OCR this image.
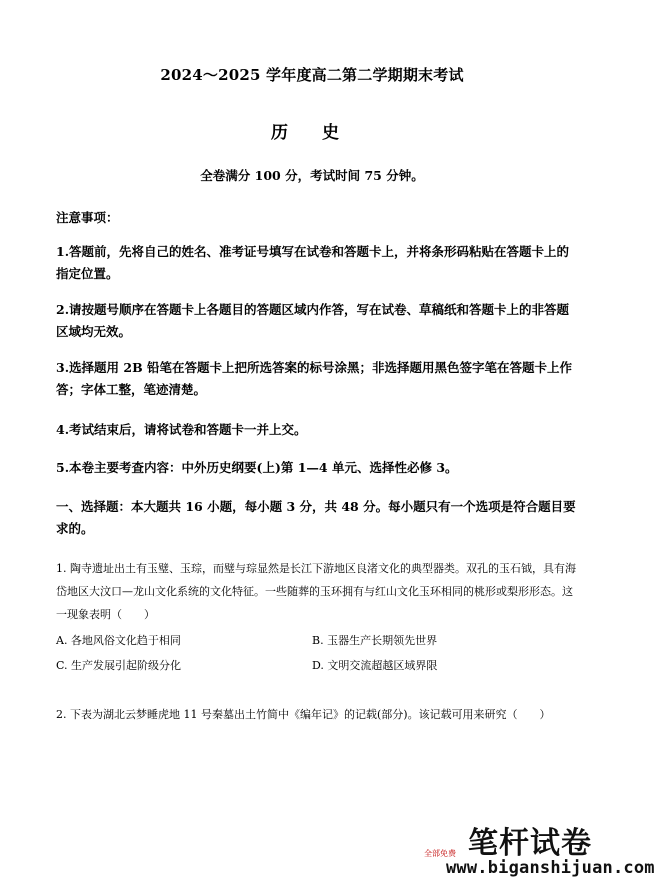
2024～2025 学年度高二第二学期期末考试
历 史
全卷满分 100 分，考试时间 75 分钟。
注意事项：
1.答题前，先将自己的姓名、准考证号填写在试卷和答题卡上，并将条形码粘贴在答题卡上的指定位置。
2.请按题号顺序在答题卡上各题目的答题区域内作答，写在试卷、草稿纸和答题卡上的非答题区域均无效。
3.选择题用 2B 铅笔在答题卡上把所选答案的标号涂黑；非选择题用黑色签字笔在答题卡上作答；字体工整，笔迹清楚。
4.考试结束后，请将试卷和答题卡一并上交。
5.本卷主要考查内容：中外历史纲要(上)第 1—4 单元、选择性必修 3。
一、选择题：本大题共 16 小题，每小题 3 分，共 48 分。每小题只有一个选项是符合题目要求的。
1. 陶寺遗址出土有玉璧、玉琮，而璧与琮显然是长江下游地区良渚文化的典型器类。双孔的玉石钺，具有海岱地区大汶口—龙山文化系统的文化特征。一些随葬的玉环拥有与红山文化玉环相同的桃形或梨形形态。这一现象表明（　　）
A. 各地风俗文化趋于相同	B. 玉器生产长期领先世界
C. 生产发展引起阶级分化	D. 文明交流超越区域界限
2. 下表为湖北云梦睡虎地 11 号秦墓出土竹简中《编年记》的记载(部分)。该记载可用来研究（　　）
笔杆试卷
全部免费
www.biganshijuan.com
